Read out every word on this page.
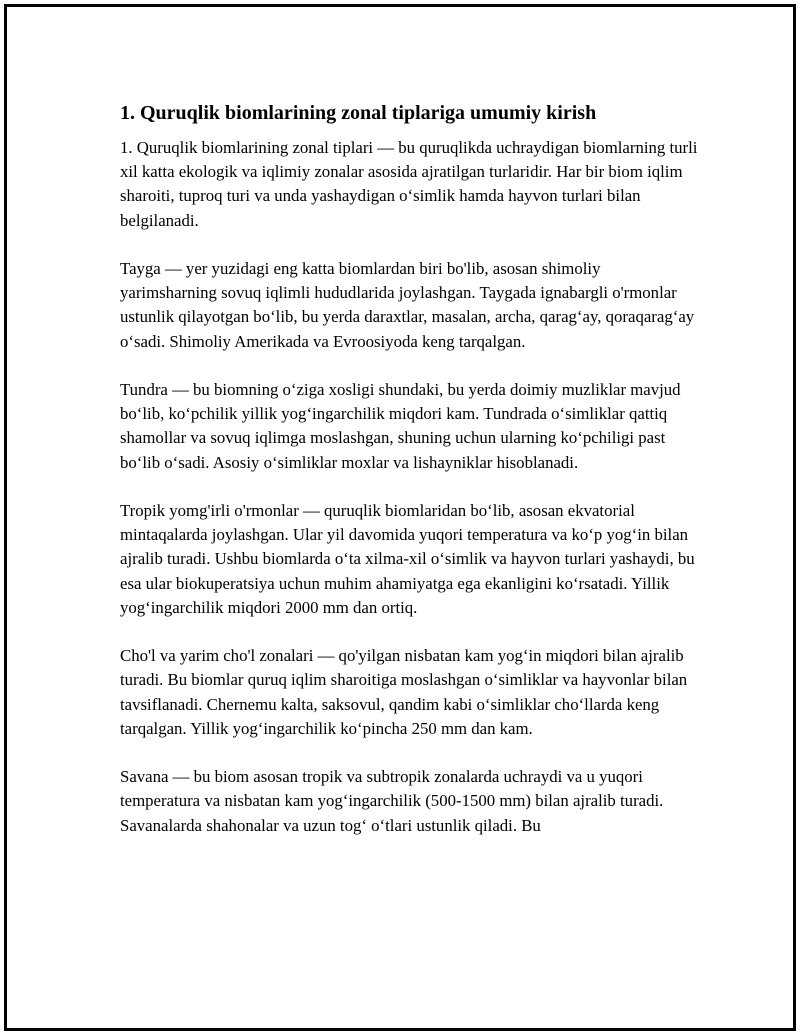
1. Quruqlik biomlarining zonal tiplariga umumiy kirish

1. Quruqlik biomlarining zonal tiplari — bu quruqlikda uchraydigan biomlarning turli xil katta ekologik va iqlimiy zonalar asosida ajratilgan turlaridir. Har bir biom iqlim sharoiti, tuproq turi va unda yashaydigan o‘simlik hamda hayvon turlari bilan belgilanadi.

Tayga — yer yuzidagi eng katta biomlardan biri bo'lib, asosan shimoliy yarimsharning sovuq iqlimli hududlarida joylashgan. Taygada ignabargli o'rmonlar ustunlik qilayotgan bo‘lib, bu yerda daraxtlar, masalan, archa, qarag‘ay, qoraqarag‘ay o‘sadi. Shimoliy Amerikada va Evroosiyoda keng tarqalgan.

Tundra — bu biomning o‘ziga xosligi shundaki, bu yerda doimiy muzliklar mavjud bo‘lib, ko‘pchilik yillik yog‘ingarchilik miqdori kam. Tundrada o‘simliklar qattiq shamollar va sovuq iqlimga moslashgan, shuning uchun ularning ko‘pchiligi past bo‘lib o‘sadi. Asosiy o‘simliklar moxlar va lishayniklar hisoblanadi.

Tropik yomg'irli o'rmonlar — quruqlik biomlaridan bo‘lib, asosan ekvatorial mintaqalarda joylashgan. Ular yil davomida yuqori temperatura va ko‘p yog‘in bilan ajralib turadi. Ushbu biomlarda o‘ta xilma-xil o‘simlik va hayvon turlari yashaydi, bu esa ular biokuperatsiya uchun muhim ahamiyatga ega ekanligini ko‘rsatadi. Yillik yog‘ingarchilik miqdori 2000 mm dan ortiq.

Cho'l va yarim cho'l zonalari — qo'yilgan nisbatan kam yog‘in miqdori bilan ajralib turadi. Bu biomlar quruq iqlim sharoitiga moslashgan o‘simliklar va hayvonlar bilan tavsiflanadi. Chernemu kalta, saksovul, qandim kabi o‘simliklar cho‘llarda keng tarqalgan. Yillik yog‘ingarchilik ko‘pincha 250 mm dan kam.

Savana — bu biom asosan tropik va subtropik zonalarda uchraydi va u yuqori temperatura va nisbatan kam yog‘ingarchilik (500-1500 mm) bilan ajralib turadi. Savanalarda shahonalar va uzun tog‘ o‘tlari ustunlik qiladi. Bu
